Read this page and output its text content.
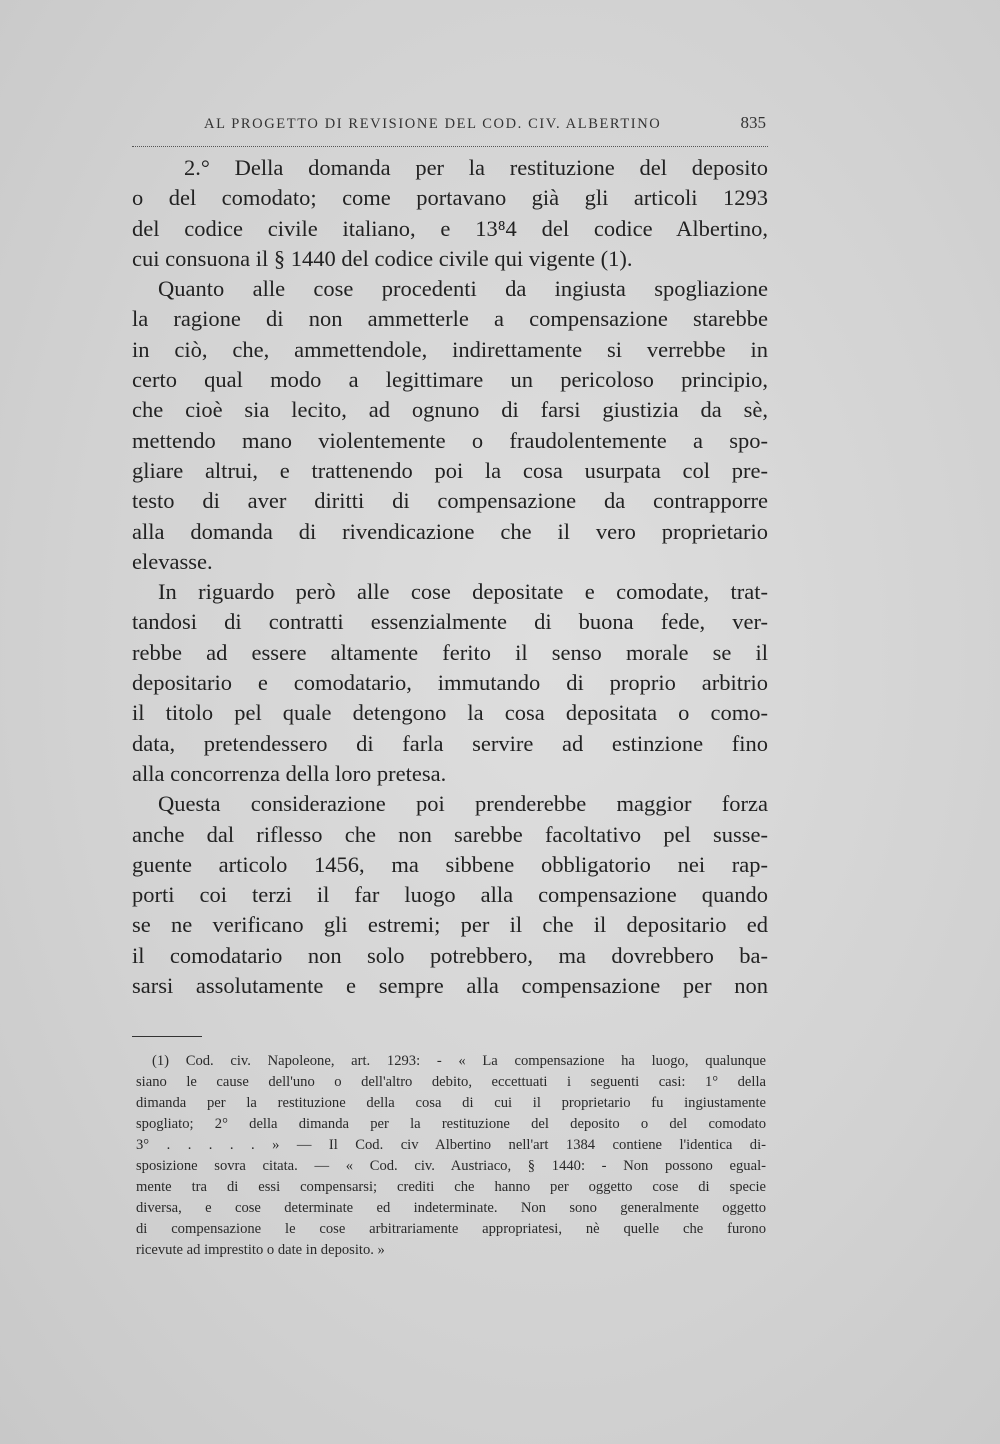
AL PROGETTO DI REVISIONE DEL COD. CIV. ALBERTINO	835
2.° Della domanda per la restituzione del deposito
o del comodato; come portavano già gli articoli 1293
del codice civile italiano, e 13⁸4 del codice Albertino,
cui consuona il § 1440 del codice civile qui vigente (1).
Quanto alle cose procedenti da ingiusta spogliazione
la ragione di non ammetterle a compensazione starebbe
in ciò, che, ammettendole, indirettamente si verrebbe in
certo qual modo a legittimare un pericoloso principio,
che cioè sia lecito, ad ognuno di farsi giustizia da sè,
mettendo mano violentemente o fraudolentemente a spo-
gliare altrui, e trattenendo poi la cosa usurpata col pre-
testo di aver diritti di compensazione da contrapporre
alla domanda di rivendicazione che il vero proprietario
elevasse.
In riguardo però alle cose depositate e comodate, trat-
tandosi di contratti essenzialmente di buona fede, ver-
rebbe ad essere altamente ferito il senso morale se il
depositario e comodatario, immutando di proprio arbitrio
il titolo pel quale detengono la cosa depositata o como-
data, pretendessero di farla servire ad estinzione fino
alla concorrenza della loro pretesa.
Questa considerazione poi prenderebbe maggior forza
anche dal riflesso che non sarebbe facoltativo pel susse-
guente articolo 1456, ma sibbene obbligatorio nei rap-
porti coi terzi il far luogo alla compensazione quando
se ne verificano gli estremi; per il che il depositario ed
il comodatario non solo potrebbero, ma dovrebbero ba-
sarsi assolutamente e sempre alla compensazione per non
(1) Cod. civ. Napoleone, art. 1293: - « La compensazione ha luogo, qualunque
siano le cause dell'uno o dell'altro debito, eccettuati i seguenti casi: 1° della
dimanda per la restituzione della cosa di cui il proprietario fu ingiustamente
spogliato; 2° della dimanda per la restituzione del deposito o del comodato
3° . . . . . » — Il Cod. civ Albertino nell'art 1384 contiene l'identica di-
sposizione sovra citata. — « Cod. civ. Austriaco, § 1440: - Non possono egual-
mente tra di essi compensarsi; crediti che hanno per oggetto cose di specie
diversa, e cose determinate ed indeterminate. Non sono generalmente oggetto
di compensazione le cose arbitrariamente appropriatesi, nè quelle che furono
ricevute ad imprestito o date in deposito. »
